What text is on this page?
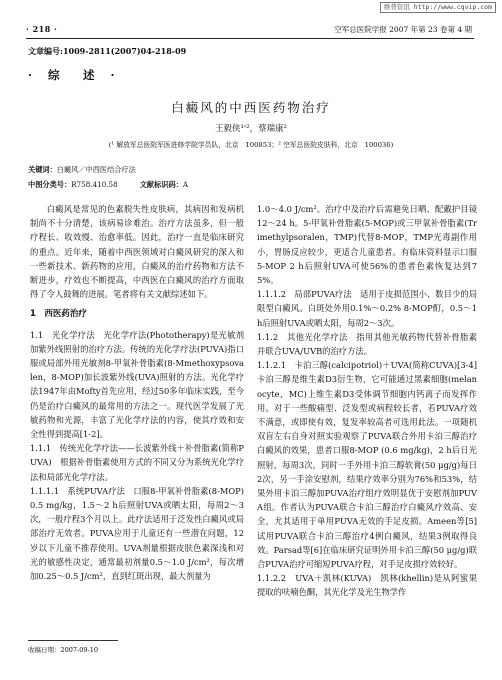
维普资讯 http://www.cqvip.com
· 218 ·	空军总医院学报 2007 年第 23 卷第 4 期
文章编号:1009-2811(2007)04-218-09
· 综　述 ·
白癜风的中西医药物治疗
王毅侠¹'²，蔡瑞康²
(¹ 解放军总医院军医进修学院学员队，北京　100853；² 空军总医院皮肤科，北京　100036)
关键词：白癜风／中西医结合疗法
中图分类号：R758.410.58	文献标识码：A

白癜风是常见的色素脱失性皮肤病，其病因和发病机制尚不十分清楚，该病易诊难治。治疗方法虽多，但一般疗程长、收效慢、治愈率低。因此，治疗一直是临床研究的重点。近年来，随着中西医领域对白癜风研究的深入和一些新技术、新药物的应用，白癜风的治疗药物和方法不断进步，疗效也不断提高，中西医在白癜风的治疗方面取得了令人鼓舞的进展。笔者将有关文献综述如下。

1　西医药治疗

1.1　光化学疗法　光化学疗法(Phototherapy)是光敏剂加紫外线照射的治疗方法。传统的光化学疗法(PUVA)指口服或局部外用光敏剂8-甲氧补骨脂素(8-Mmethoxypsovalen，8-MOP)加长波紫外线(UVA)照射的方法。光化学疗法1947年由Mofty首先应用，经过50多年临床实践，至今仍是治疗白癜风的最常用的方法之一。现代医学发展了光敏药物和光源，丰富了光化学疗法的内容，使其疗效和安全性得到提高[1-2]。

1.1.1　传统光化学疗法——长波紫外线＋补骨脂素(简称PUVA)　根据补骨脂素使用方式的不同又分为系统光化学疗法和局部光化学疗法。

1.1.1.1　系统PUVA疗法　口服8-甲氧补骨脂素(8-MOP)0.5 mg/kg，1.5～2 h后照射UVA或晒太阳，每周2～3次，一般疗程3个月以上。此疗法适用于泛发性白癜风或局部治疗无效者。PUVA应用于儿童还有一些潜在问题，12岁以下儿童不推荐使用。UVA剂量根据皮肤色素深浅和对光的敏感性决定，通常最初剂量0.5～1.0 J/cm²，每次增加0.25～0.5 J/cm²，直到红斑出现，最大剂量为

1.0～4.0 J/cm²。治疗中及治疗后需避免日晒、配戴护目镜12～24 h。5-甲氧补骨脂素(5-MOP)或三甲氧补骨脂素(Trimethylpsoralen，TMP)代替8-MOP，TMP光毒副作用小，胃肠反应较少，更适合儿童患者。有临床资料显示口服5-MOP 2 h后照射UVA可使56%的患者色素恢复达到75%。

1.1.1.2　局部PUVA疗法　适用于皮损范围小、数目少的局限型白癜风。白斑处外用0.1%～0.2% 8-MOP酊，0.5～1 h后照射UVA或晒太阳，每周2～3次。

1.1.2　其他光化学疗法　指用其他光敏药物代替补骨脂素并联合UVA/UVB的治疗方法。

1.1.2.1　卡泊三醇(calcipotriol)＋UVA(简称CUVA)[3-4]　卡泊三醇是维生素D3衍生物，它可能通过黑素细胞(melanocyte，MC)上维生素D3受体调节细胞内钙离子而发挥作用。对于一些酸痛型、泛发型或病程较长者，若PUVA疗效不满意，或即使有效，复发率较高者可选用此法。一项随机双盲左右自身对照实验观察了PUVA联合外用卡泊三醇治疗白癜风的效果，患者口服8-MOP (0.6 mg/kg)，2 h后日光照射，每周3次，同时一手外用卡泊三醇软膏(50 μg/g)每日2次，另一手涂安慰剂，结果疗效率分别为76%和53%，结果外用卡泊三醇加PUVA治疗组疗效明显优于安慰剂加PUVA组。作者认为PUVA联合卡泊三醇治疗白癜风疗效高、安全，尤其适用于单用PUVA无效的手足皮损。Ameen等[5]试用PUVA联合卡泊三醇治疗4例白癜风，结果3例取得良效。Parsad等[6]在临床研究证明外用卡泊三醇(50 μg/g)联合PUVA治疗可缩短PUVA疗程，对手足皮损疗效较好。

1.1.2.2　UVA＋凯林(KUVA)　凯林(khellin)是从阿蜜果提取的呋喃色酮，其光化学及光生物学作

收稿日期：2007-09-10
